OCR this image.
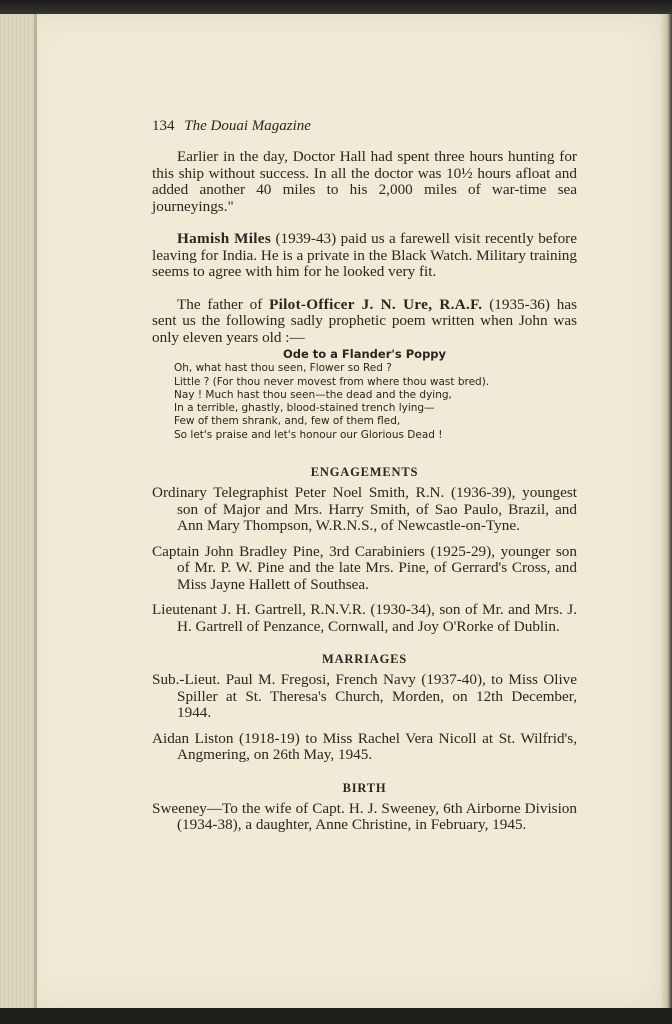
134 The Douai Magazine

Earlier in the day, Doctor Hall had spent three hours hunting for this ship without success. In all the doctor was 10½ hours afloat and added another 40 miles to his 2,000 miles of war-time sea journeyings."

Hamish Miles (1939-43) paid us a farewell visit recently before leaving for India. He is a private in the Black Watch. Military training seems to agree with him for he looked very fit.

The father of Pilot-Officer J. N. Ure, R.A.F. (1935-36) has sent us the following sadly prophetic poem written when John was only eleven years old :—

Ode to a Flander's Poppy
Oh, what hast thou seen, Flower so Red ?
Little ? (For thou never movest from where thou wast bred).
Nay ! Much hast thou seen—the dead and the dying,
In a terrible, ghastly, blood-stained trench lying—
Few of them shrank, and, few of them fled,
So let's praise and let's honour our Glorious Dead !
ENGAGEMENTS

Ordinary Telegraphist Peter Noel Smith, R.N. (1936-39), youngest son of Major and Mrs. Harry Smith, of Sao Paulo, Brazil, and Ann Mary Thompson, W.R.N.S., of Newcastle-on-Tyne.

Captain John Bradley Pine, 3rd Carabiniers (1925-29), younger son of Mr. P. W. Pine and the late Mrs. Pine, of Gerrard's Cross, and Miss Jayne Hallett of Southsea.

Lieutenant J. H. Gartrell, R.N.V.R. (1930-34), son of Mr. and Mrs. J. H. Gartrell of Penzance, Cornwall, and Joy O'Rorke of Dublin.

MARRIAGES

Sub.-Lieut. Paul M. Fregosi, French Navy (1937-40), to Miss Olive Spiller at St. Theresa's Church, Morden, on 12th December, 1944.

Aidan Liston (1918-19) to Miss Rachel Vera Nicoll at St. Wilfrid's, Angmering, on 26th May, 1945.

BIRTH

Sweeney—To the wife of Capt. H. J. Sweeney, 6th Airborne Division (1934-38), a daughter, Anne Christine, in February, 1945.
